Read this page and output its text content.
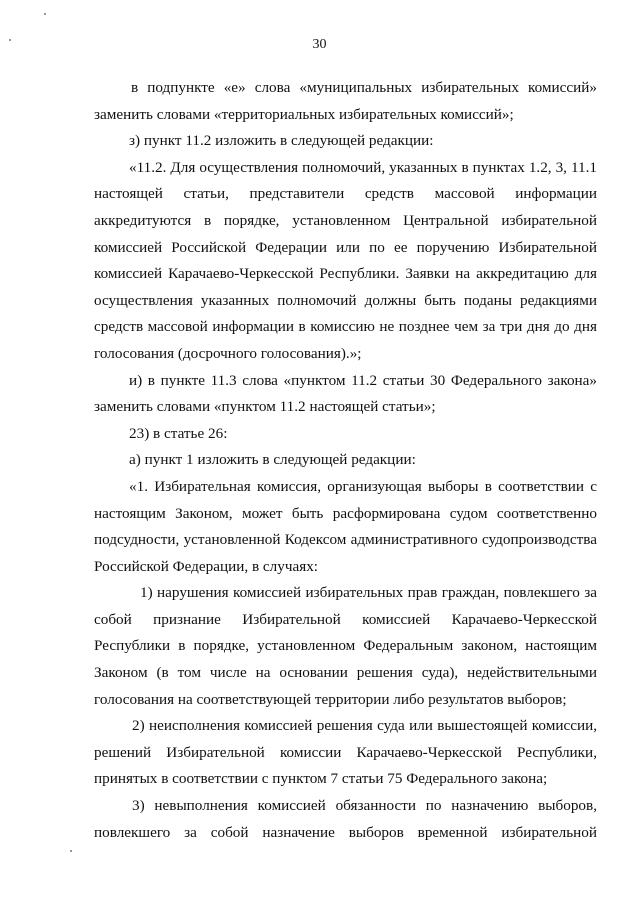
30
в подпункте «е» слова «муниципальных избирательных комиссий»
заменить словами «территориальных избирательных комиссий»;
з) пункт 11.2 изложить в следующей редакции:
«11.2. Для осуществления полномочий, указанных в пунктах 1.2, 3, 11.1
настоящей статьи, представители средств массовой информации
аккредитуются в порядке, установленном Центральной избирательной
комиссией Российской Федерации или по ее поручению Избирательной
комиссией Карачаево-Черкесской Республики. Заявки на аккредитацию для
осуществления указанных полномочий должны быть поданы редакциями
средств массовой информации в комиссию не позднее чем за три дня до дня
голосования (досрочного голосования).»;
и) в пункте 11.3 слова «пунктом 11.2 статьи 30 Федерального закона»
заменить словами «пунктом 11.2 настоящей статьи»;
23) в статье 26:
а) пункт 1 изложить в следующей редакции:
«1. Избирательная комиссия, организующая выборы в соответствии с
настоящим Законом, может быть расформирована судом соответственно
подсудности, установленной Кодексом административного судопроизводства
Российской Федерации, в случаях:
1) нарушения комиссией избирательных прав граждан, повлекшего за
собой признание Избирательной комиссией Карачаево-Черкесской
Республики в порядке, установленном Федеральным законом, настоящим
Законом (в том числе на основании решения суда), недействительными
голосования на соответствующей территории либо результатов выборов;
2) неисполнения комиссией решения суда или вышестоящей комиссии,
решений Избирательной комиссии Карачаево-Черкесской Республики,
принятых в соответствии с пунктом 7 статьи 75 Федерального закона;
3) невыполнения комиссией обязанности по назначению выборов,
повлекшего за собой назначение выборов временной избирательной
